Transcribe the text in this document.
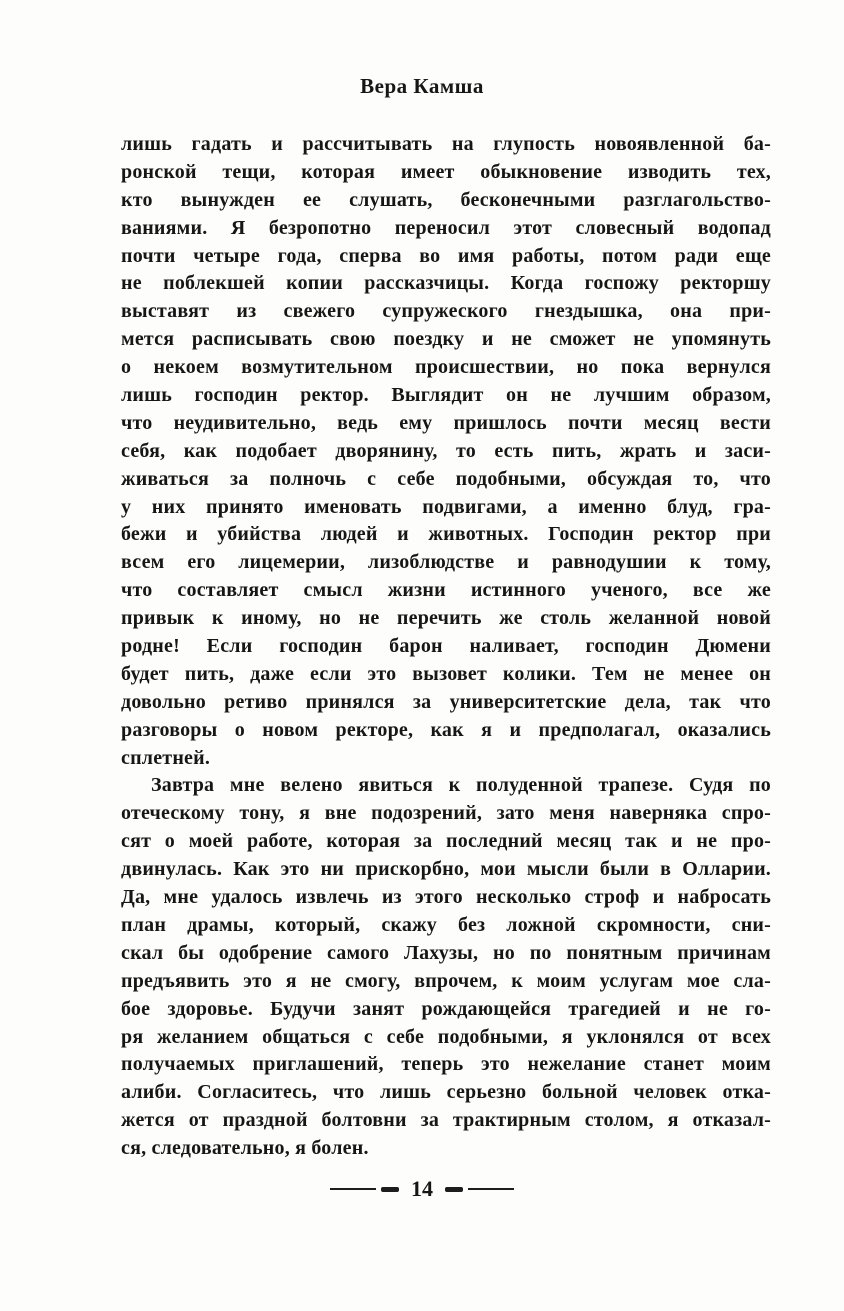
Вера Камша
лишь гадать и рассчитывать на глупость новоявленной ба-
ронской тещи, которая имеет обыкновение изводить тех,
кто вынужден ее слушать, бесконечными разглагольство-
ваниями. Я безропотно переносил этот словесный водопад
почти четыре года, сперва во имя работы, потом ради еще
не поблекшей копии рассказчицы. Когда госпожу ректоршу
выставят из свежего супружеского гнездышка, она при-
мется расписывать свою поездку и не сможет не упомянуть
о некоем возмутительном происшествии, но пока вернулся
лишь господин ректор. Выглядит он не лучшим образом,
что неудивительно, ведь ему пришлось почти месяц вести
себя, как подобает дворянину, то есть пить, жрать и заси-
живаться за полночь с себе подобными, обсуждая то, что
у них принято именовать подвигами, а именно блуд, гра-
бежи и убийства людей и животных. Господин ректор при
всем его лицемерии, лизоблюдстве и равнодушии к тому,
что составляет смысл жизни истинного ученого, все же
привык к иному, но не перечить же столь желанной новой
родне! Если господин барон наливает, господин Дюмени
будет пить, даже если это вызовет колики. Тем не менее он
довольно ретиво принялся за университетские дела, так что
разговоры о новом ректоре, как я и предполагал, оказались
сплетней.
Завтра мне велено явиться к полуденной трапезе. Судя по
отеческому тону, я вне подозрений, зато меня наверняка спро-
сят о моей работе, которая за последний месяц так и не про-
двинулась. Как это ни прискорбно, мои мысли были в Олларии.
Да, мне удалось извлечь из этого несколько строф и набросать
план драмы, который, скажу без ложной скромности, сни-
скал бы одобрение самого Лахузы, но по понятным причинам
предъявить это я не смогу, впрочем, к моим услугам мое сла-
бое здоровье. Будучи занят рождающейся трагедией и не го-
ря желанием общаться с себе подобными, я уклонялся от всех
получаемых приглашений, теперь это нежелание станет моим
алиби. Согласитесь, что лишь серьезно больной человек отка-
жется от праздной болтовни за трактирным столом, я отказал-
ся, следовательно, я болен.
14
